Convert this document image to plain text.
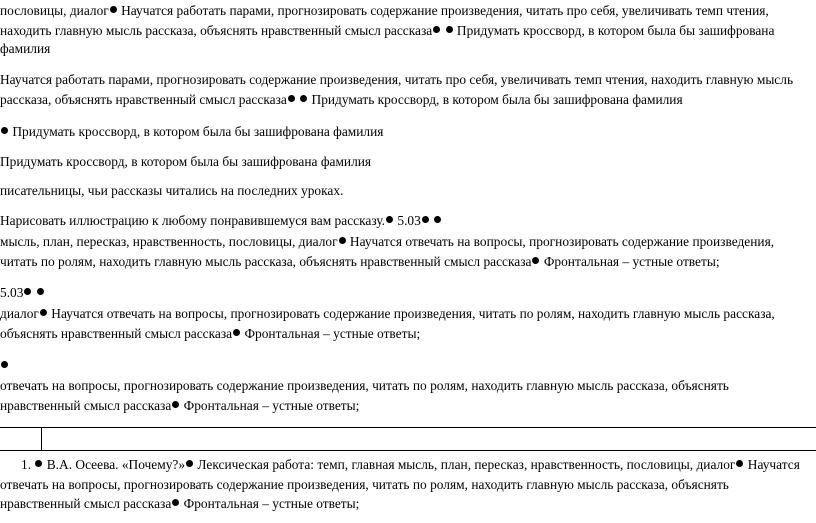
пословицы, диалог Научатся работать парами, прогнозировать содержание произведения, читать про себя, увеличивать темп чтения,
находить главную мысль рассказа, объяснять нравственный смысл рассказа  Придумать кроссворд, в котором была бы зашифрована
фамилия
Научатся работать парами, прогнозировать содержание произведения, читать про себя, увеличивать темп чтения, находить главную мысль
рассказа, объяснять нравственный смысл рассказа  Придумать кроссворд, в котором была бы зашифрована фамилия
Придумать кроссворд, в котором была бы зашифрована фамилия
Придумать кроссворд, в котором была бы зашифрована фамилия
писательницы, чьи рассказы читались на последних уроках.
Нарисовать иллюстрацию к любому понравившемуся вам рассказу. 5.03
мысль, план, пересказ, нравственность, пословицы, диалог Научатся отвечать на вопросы, прогнозировать содержание произведения,
читать по ролям, находить главную мысль рассказа, объяснять нравственный смысл рассказа Фронтальная – устные ответы;
5.03
диалог Научатся отвечать на вопросы, прогнозировать содержание произведения, читать по ролям, находить главную мысль рассказа,
объяснять нравственный смысл рассказа Фронтальная – устные ответы;
отвечать на вопросы, прогнозировать содержание произведения, читать по ролям, находить главную мысль рассказа, объяснять
нравственный смысл рассказа Фронтальная – устные ответы;
1.  В.А. Осеева. «Почему?» Лексическая работа: темп, главная мысль, план, пересказ, нравственность, пословицы, диалог Научатся
отвечать на вопросы, прогнозировать содержание произведения, читать по ролям, находить главную мысль рассказа, объяснять
нравственный смысл рассказа Фронтальная – устные ответы;
